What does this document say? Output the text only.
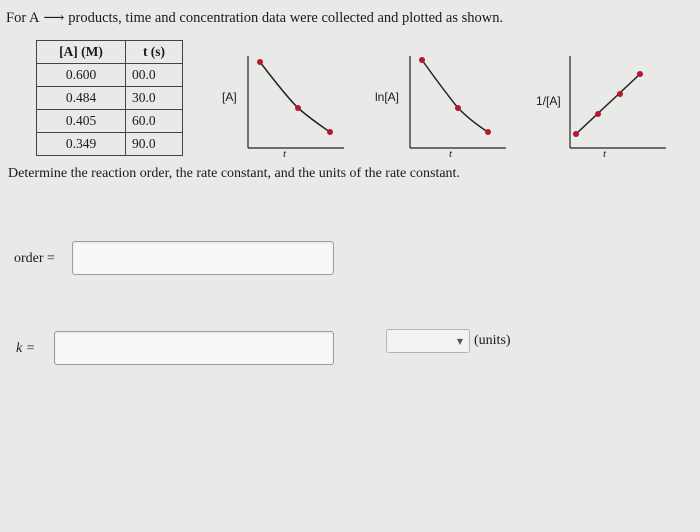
For A ⟶ products, time and concentration data were collected and plotted as shown.
[A] (M)	t (s)
0.600	00.0
0.484	30.0
0.405	60.0
0.349	90.0
[A]
t
ln[A]
t
1/[A]
t
Determine the reaction order, the rate constant, and the units of the rate constant.
order =
k =	▼ (units)
